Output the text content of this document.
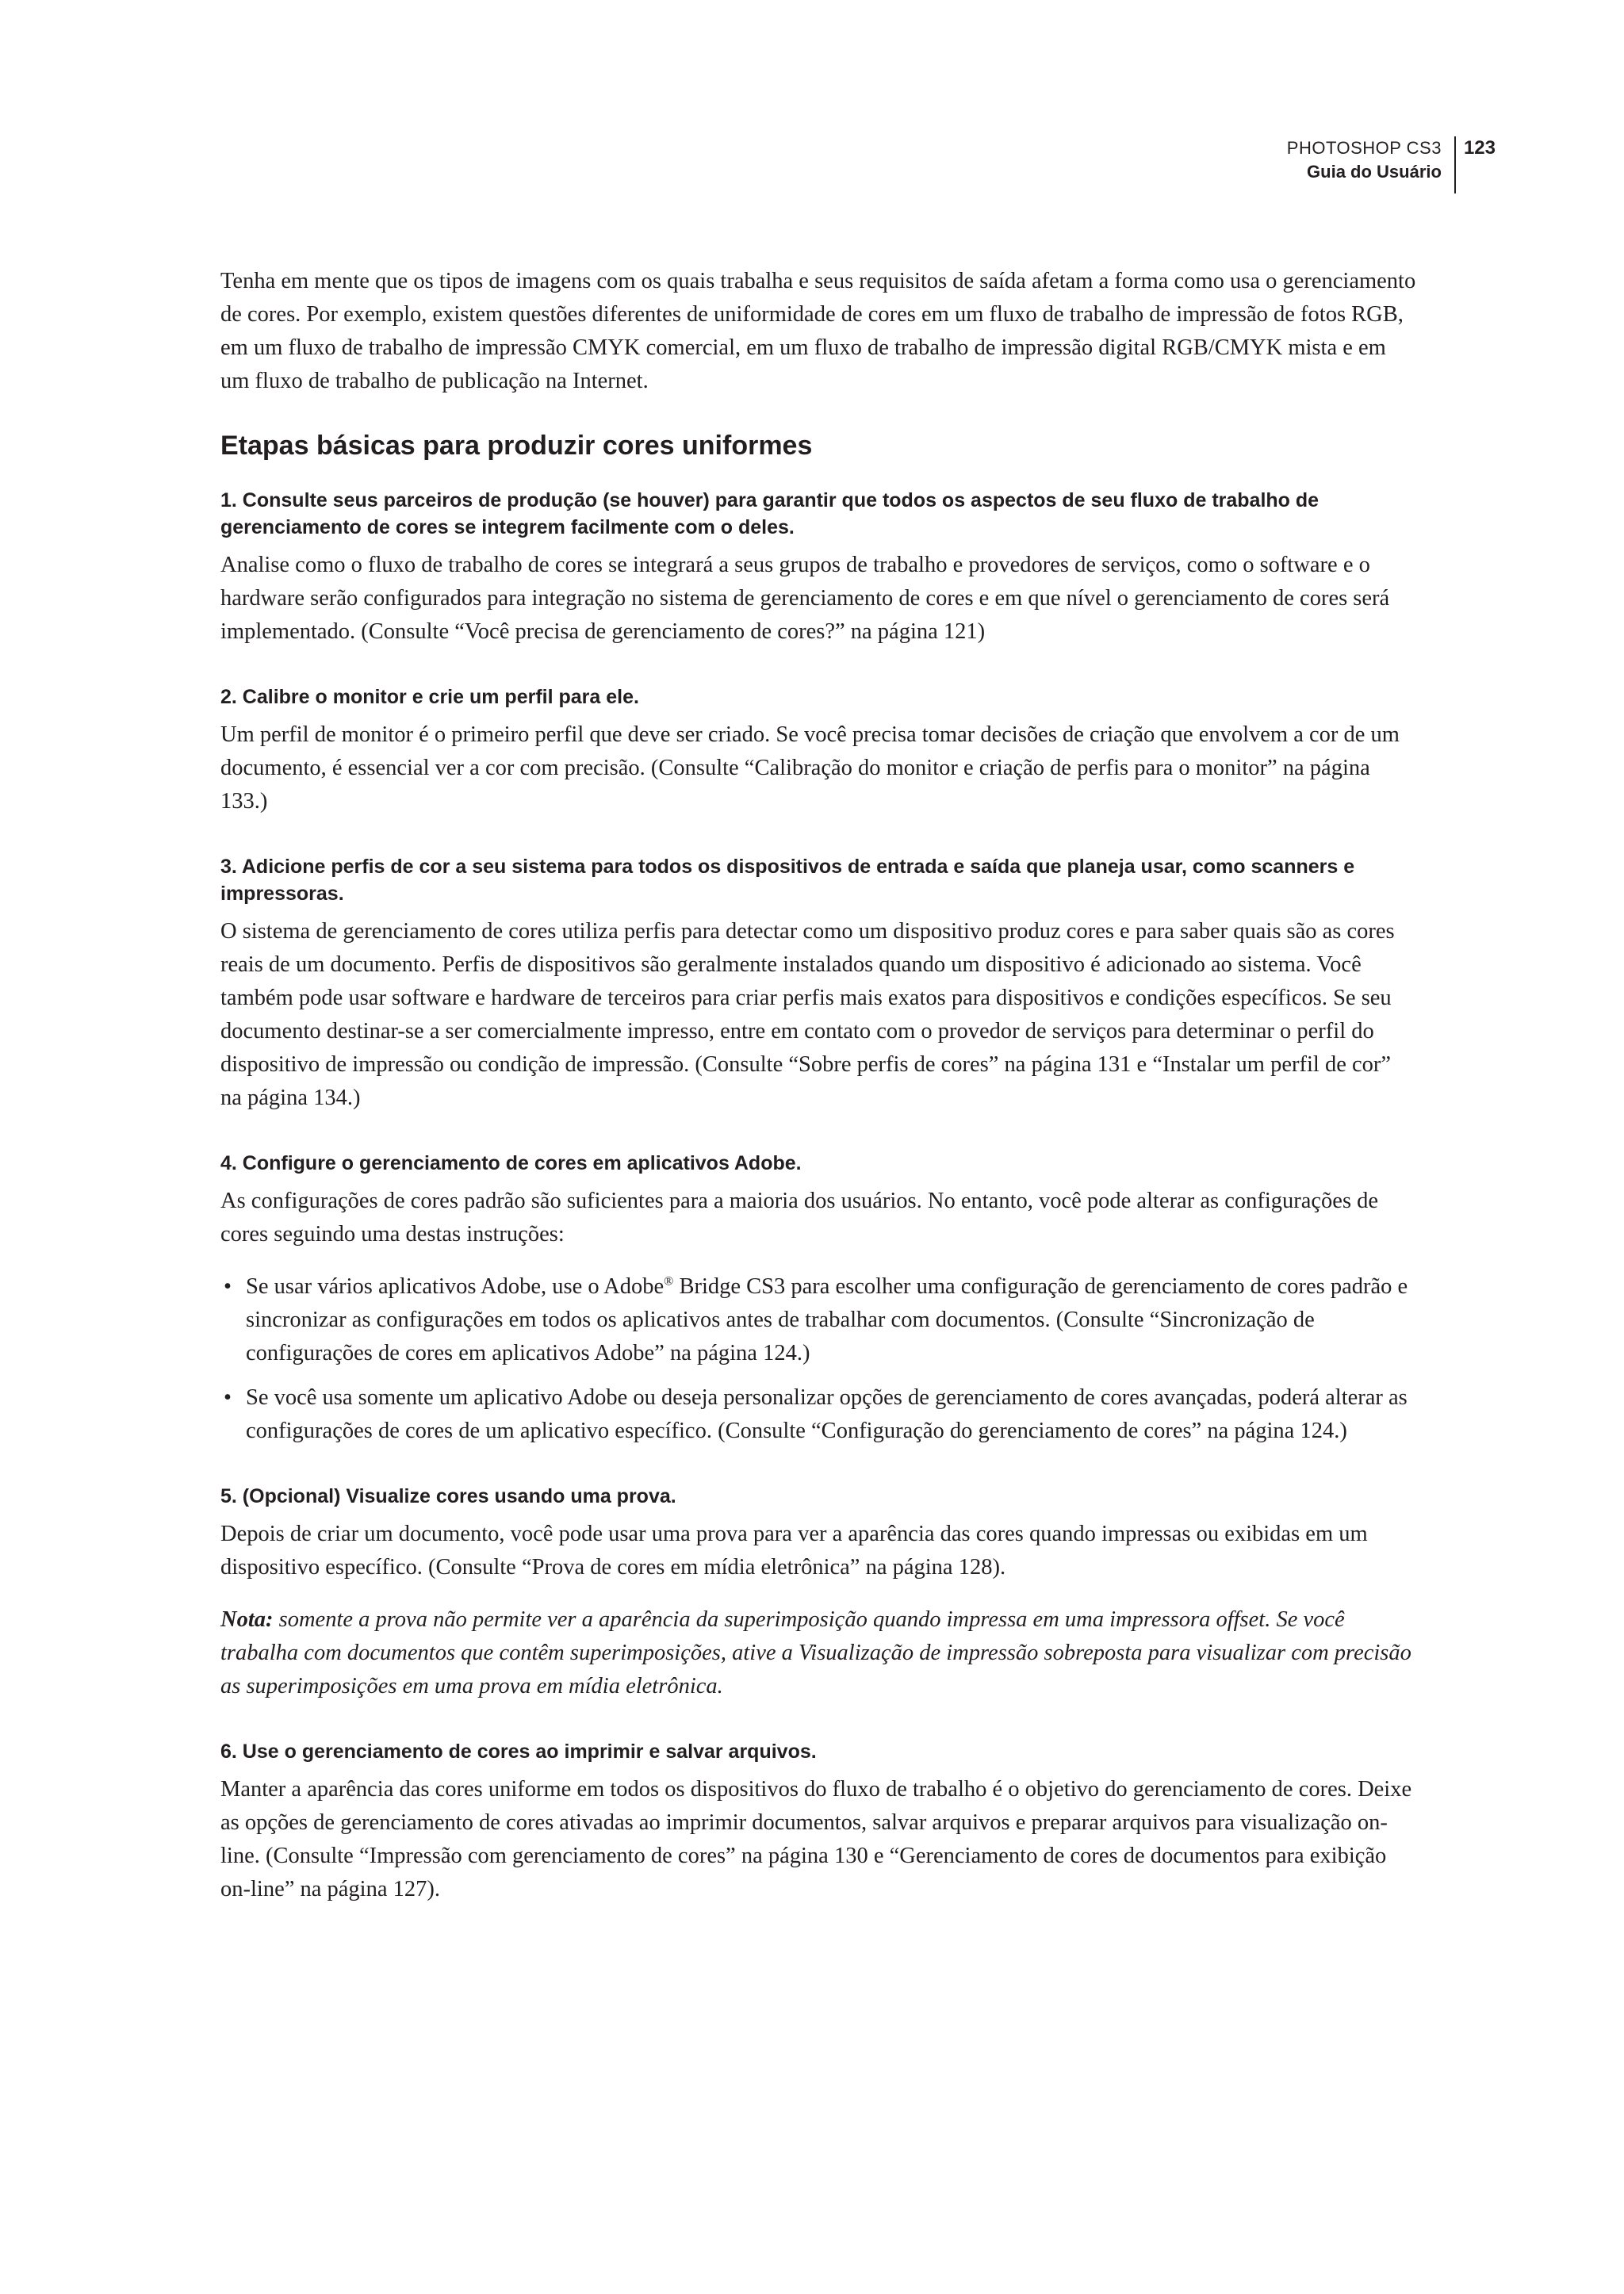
PHOTOSHOP CS3
Guia do Usuário
123

Tenha em mente que os tipos de imagens com os quais trabalha e seus requisitos de saída afetam a forma como usa o gerenciamento de cores. Por exemplo, existem questões diferentes de uniformidade de cores em um fluxo de trabalho de impressão de fotos RGB, em um fluxo de trabalho de impressão CMYK comercial, em um fluxo de trabalho de impressão digital RGB/CMYK mista e em um fluxo de trabalho de publicação na Internet.

Etapas básicas para produzir cores uniformes
1. Consulte seus parceiros de produção (se houver) para garantir que todos os aspectos de seu fluxo de trabalho de gerenciamento de cores se integrem facilmente com o deles.

Analise como o fluxo de trabalho de cores se integrará a seus grupos de trabalho e provedores de serviços, como o software e o hardware serão configurados para integração no sistema de gerenciamento de cores e em que nível o gerenciamento de cores será implementado. (Consulte “Você precisa de gerenciamento de cores?” na página 121)

2. Calibre o monitor e crie um perfil para ele.

Um perfil de monitor é o primeiro perfil que deve ser criado. Se você precisa tomar decisões de criação que envolvem a cor de um documento, é essencial ver a cor com precisão. (Consulte “Calibração do monitor e criação de perfis para o monitor” na página 133.)

3. Adicione perfis de cor a seu sistema para todos os dispositivos de entrada e saída que planeja usar, como scanners e impressoras.

O sistema de gerenciamento de cores utiliza perfis para detectar como um dispositivo produz cores e para saber quais são as cores reais de um documento. Perfis de dispositivos são geralmente instalados quando um dispositivo é adicionado ao sistema. Você também pode usar software e hardware de terceiros para criar perfis mais exatos para dispositivos e condições específicos. Se seu documento destinar-se a ser comercialmente impresso, entre em contato com o provedor de serviços para determinar o perfil do dispositivo de impressão ou condição de impressão. (Consulte “Sobre perfis de cores” na página 131 e “Instalar um perfil de cor” na página 134.)

4. Configure o gerenciamento de cores em aplicativos Adobe.

As configurações de cores padrão são suficientes para a maioria dos usuários. No entanto, você pode alterar as configurações de cores seguindo uma destas instruções:

• Se usar vários aplicativos Adobe, use o Adobe® Bridge CS3 para escolher uma configuração de gerenciamento de cores padrão e sincronizar as configurações em todos os aplicativos antes de trabalhar com documentos. (Consulte “Sincronização de configurações de cores em aplicativos Adobe” na página 124.)
• Se você usa somente um aplicativo Adobe ou deseja personalizar opções de gerenciamento de cores avançadas, poderá alterar as configurações de cores de um aplicativo específico. (Consulte “Configuração do gerenciamento de cores” na página 124.)
5. (Opcional) Visualize cores usando uma prova.

Depois de criar um documento, você pode usar uma prova para ver a aparência das cores quando impressas ou exibidas em um dispositivo específico. (Consulte “Prova de cores em mídia eletrônica” na página 128).

Nota: somente a prova não permite ver a aparência da superimposição quando impressa em uma impressora offset. Se você trabalha com documentos que contêm superimposições, ative a Visualização de impressão sobreposta para visualizar com precisão as superimposições em uma prova em mídia eletrônica.

6. Use o gerenciamento de cores ao imprimir e salvar arquivos.

Manter a aparência das cores uniforme em todos os dispositivos do fluxo de trabalho é o objetivo do gerenciamento de cores. Deixe as opções de gerenciamento de cores ativadas ao imprimir documentos, salvar arquivos e preparar arquivos para visualização on-line. (Consulte “Impressão com gerenciamento de cores” na página 130 e “Gerenciamento de cores de documentos para exibição on-line” na página 127).
